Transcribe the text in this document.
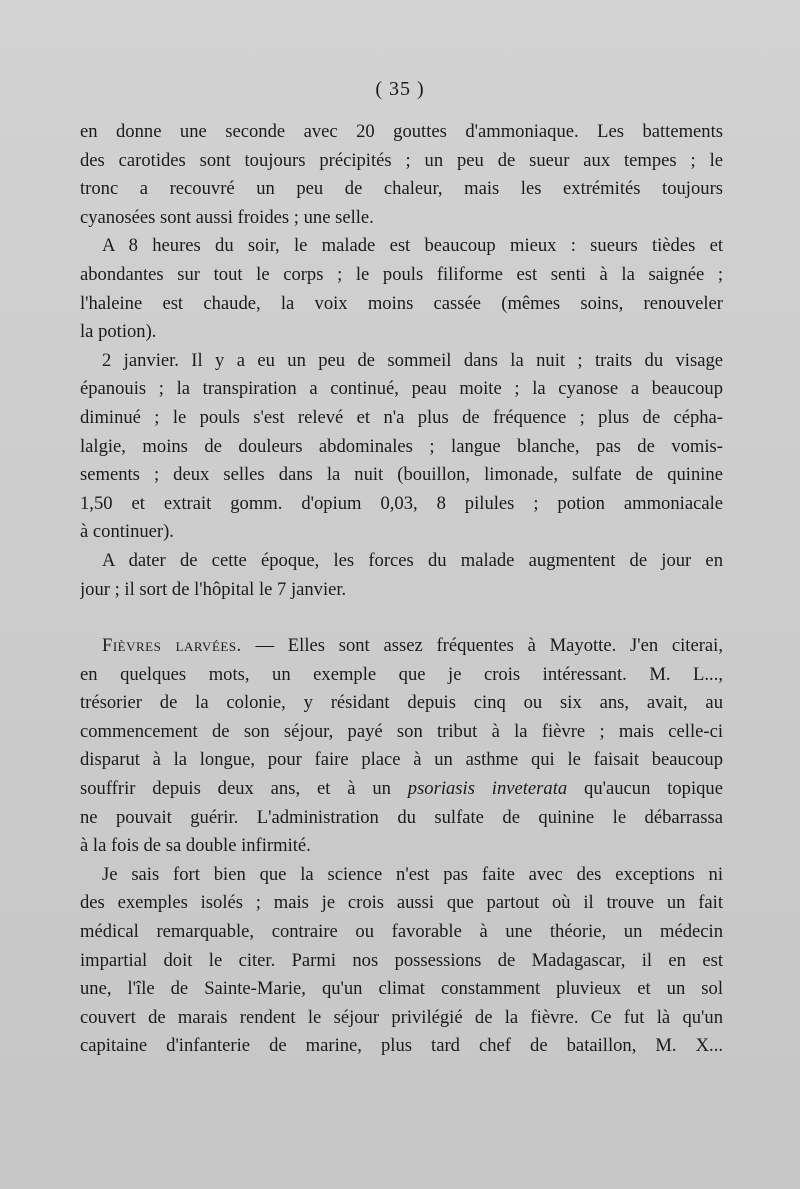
( 35 )
en donne une seconde avec 20 gouttes d'ammoniaque. Les battements
des carotides sont toujours précipités ; un peu de sueur aux tempes ; le
tronc a recouvré un peu de chaleur, mais les extrémités toujours
cyanosées sont aussi froides ; une selle.
A 8 heures du soir, le malade est beaucoup mieux : sueurs tièdes et
abondantes sur tout le corps ; le pouls filiforme est senti à la saignée ;
l'haleine est chaude, la voix moins cassée (mêmes soins, renouveler
la potion).
2 janvier. Il y a eu un peu de sommeil dans la nuit ; traits du visage
épanouis ; la transpiration a continué, peau moite ; la cyanose a beaucoup
diminué ; le pouls s'est relevé et n'a plus de fréquence ; plus de cépha-
lalgie, moins de douleurs abdominales ; langue blanche, pas de vomis-
sements ; deux selles dans la nuit (bouillon, limonade, sulfate de quinine
1,50 et extrait gomm. d'opium 0,03, 8 pilules ; potion ammoniacale
à continuer).
A dater de cette époque, les forces du malade augmentent de jour en
jour ; il sort de l'hôpital le 7 janvier.
Fièvres larvées. — Elles sont assez fréquentes à Mayotte. J'en citerai,
en quelques mots, un exemple que je crois intéressant. M. L...,
trésorier de la colonie, y résidant depuis cinq ou six ans, avait, au
commencement de son séjour, payé son tribut à la fièvre ; mais celle-ci
disparut à la longue, pour faire place à un asthme qui le faisait beaucoup
souffrir depuis deux ans, et à un psoriasis inveterata qu'aucun topique
ne pouvait guérir. L'administration du sulfate de quinine le débarrassa
à la fois de sa double infirmité.
Je sais fort bien que la science n'est pas faite avec des exceptions ni
des exemples isolés ; mais je crois aussi que partout où il trouve un fait
médical remarquable, contraire ou favorable à une théorie, un médecin
impartial doit le citer. Parmi nos possessions de Madagascar, il en est
une, l'île de Sainte-Marie, qu'un climat constamment pluvieux et un sol
couvert de marais rendent le séjour privilégié de la fièvre. Ce fut là qu'un
capitaine d'infanterie de marine, plus tard chef de bataillon, M. X...
